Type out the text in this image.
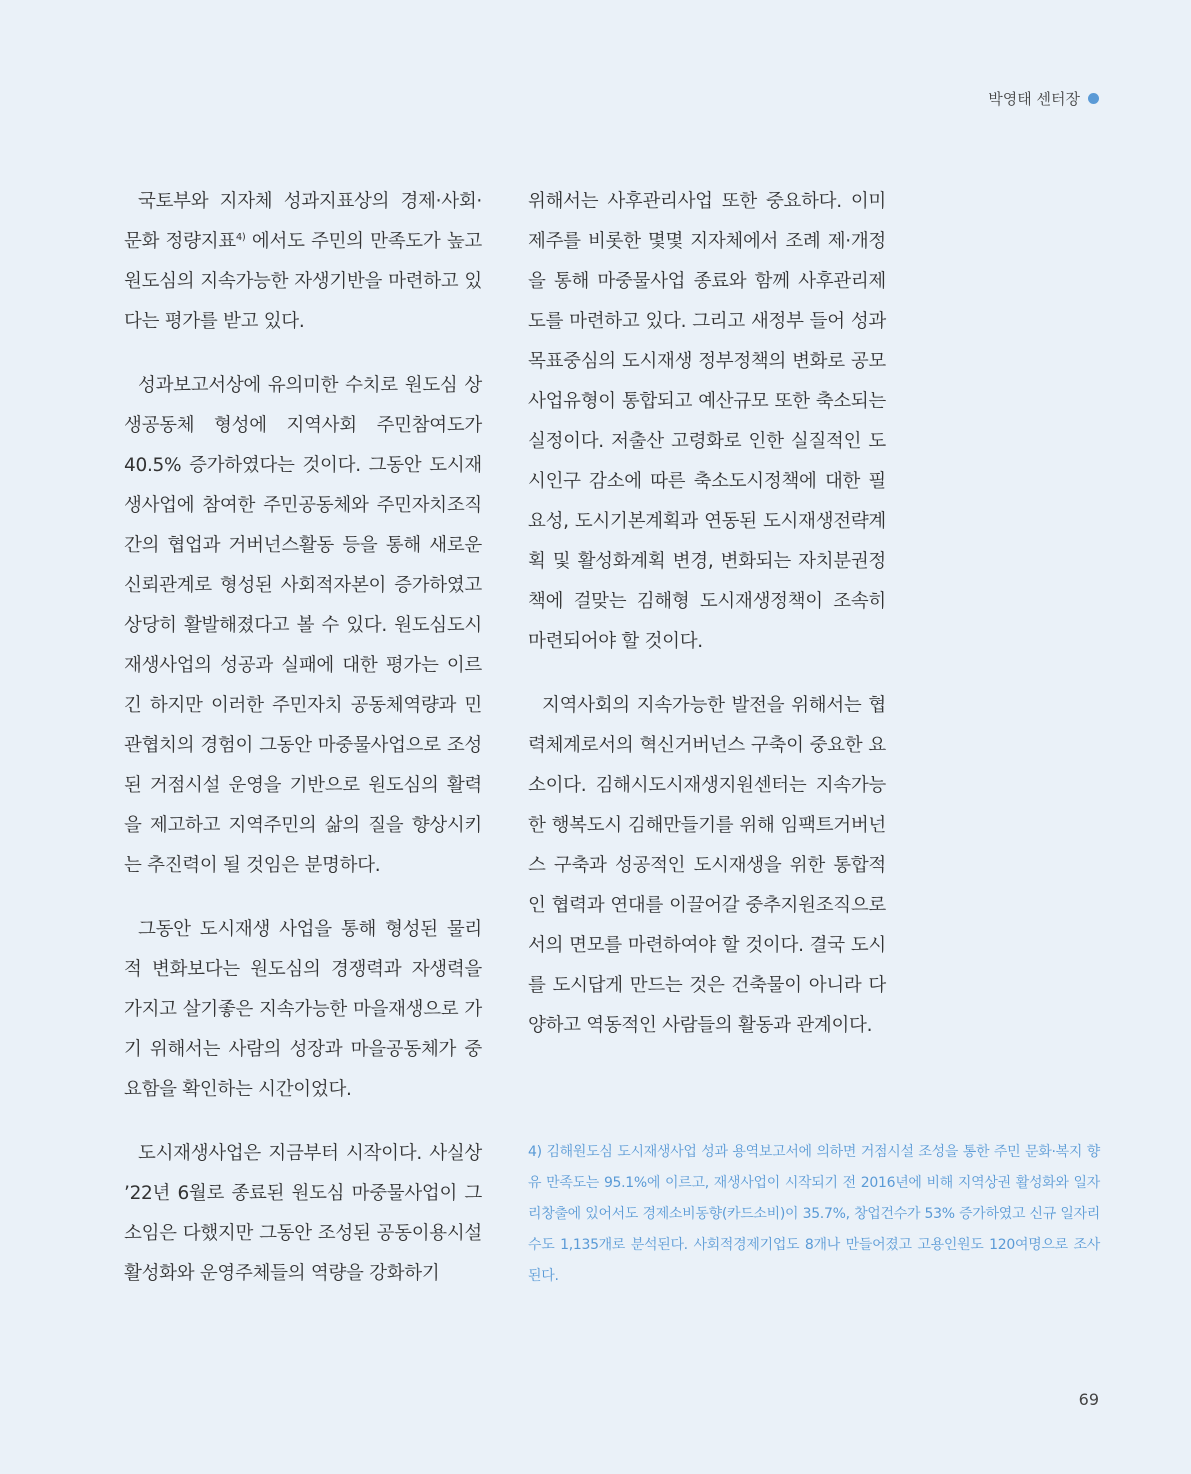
박영태 센터장

국토부와 지자체 성과지표상의 경제·사회·문화 정량지표$^{4)}$ 에서도 주민의 만족도가 높고 원도심의 지속가능한 자생기반을 마련하고 있다는 평가를 받고 있다.

성과보고서상에 유의미한 수치로 원도심 상생공동체 형성에 지역사회 주민참여도가 40.5% 증가하였다는 것이다. 그동안 도시재생사업에 참여한 주민공동체와 주민자치조직간의 협업과 거버넌스활동 등을 통해 새로운 신뢰관계로 형성된 사회적자본이 증가하였고 상당히 활발해졌다고 볼 수 있다. 원도심도시재생사업의 성공과 실패에 대한 평가는 이르긴 하지만 이러한 주민자치 공동체역량과 민관협치의 경험이 그동안 마중물사업으로 조성된 거점시설 운영을 기반으로 원도심의 활력을 제고하고 지역주민의 삶의 질을 향상시키는 추진력이 될 것임은 분명하다.

그동안 도시재생 사업을 통해 형성된 물리적 변화보다는 원도심의 경쟁력과 자생력을 가지고 살기좋은 지속가능한 마을재생으로 가기 위해서는 사람의 성장과 마을공동체가 중요함을 확인하는 시간이었다.

도시재생사업은 지금부터 시작이다. 사실상 ’22년 6월로 종료된 원도심 마중물사업이 그 소임은 다했지만 그동안 조성된 공동이용시설 활성화와 운영주체들의 역량을 강화하기

위해서는 사후관리사업 또한 중요하다. 이미 제주를 비롯한 몇몇 지자체에서 조례 제·개정을 통해 마중물사업 종료와 함께 사후관리제도를 마련하고 있다. 그리고 새정부 들어 성과목표중심의 도시재생 정부정책의 변화로 공모사업유형이 통합되고 예산규모 또한 축소되는 실정이다. 저출산 고령화로 인한 실질적인 도시인구 감소에 따른 축소도시정책에 대한 필요성, 도시기본계획과 연동된 도시재생전략계획 및 활성화계획 변경, 변화되는 자치분권정책에 걸맞는 김해형 도시재생정책이 조속히 마련되어야 할 것이다.

지역사회의 지속가능한 발전을 위해서는 협력체계로서의 혁신거버넌스 구축이 중요한 요소이다. 김해시도시재생지원센터는 지속가능한 행복도시 김해만들기를 위해 임팩트거버넌스 구축과 성공적인 도시재생을 위한 통합적인 협력과 연대를 이끌어갈 중추지원조직으로서의 면모를 마련하여야 할 것이다. 결국 도시를 도시답게 만드는 것은 건축물이 아니라 다양하고 역동적인 사람들의 활동과 관계이다.

4) 김해원도심 도시재생사업 성과 용역보고서에 의하면 거점시설 조성을 통한 주민 문화·복지 향유 만족도는 95.1%에 이르고, 재생사업이 시작되기 전 2016년에 비해 지역상권 활성화와 일자리창출에 있어서도 경제소비동향(카드소비)이 35.7%, 창업건수가 53% 증가하였고 신규 일자리수도 1,135개로 분석된다. 사회적경제기업도 8개나 만들어졌고 고용인원도 120여명으로 조사된다.
69
